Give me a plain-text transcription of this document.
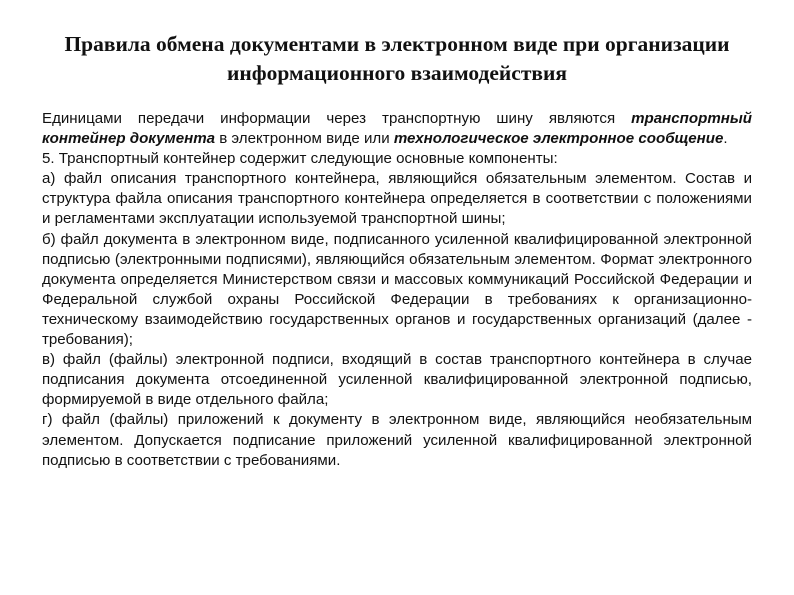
Правила обмена документами в электронном виде при организации информационного взаимодействия

Единицами передачи информации через транспортную шину являются транспортный контейнер документа в электронном виде или технологическое электронное сообщение.

5. Транспортный контейнер содержит следующие основные компоненты:

а) файл описания транспортного контейнера, являющийся обязательным элементом. Состав и структура файла описания транспортного контейнера определяется в соответствии с положениями и регламентами эксплуатации используемой транспортной шины;

б) файл документа в электронном виде, подписанного усиленной квалифицированной электронной подписью (электронными подписями), являющийся обязательным элементом. Формат электронного документа определяется Министерством связи и массовых коммуникаций Российской Федерации и Федеральной службой охраны Российской Федерации в требованиях к организационно-техническому взаимодействию государственных органов и государственных организаций (далее - требования);

в) файл (файлы) электронной подписи, входящий в состав транспортного контейнера в случае подписания документа отсоединенной усиленной квалифицированной электронной подписью, формируемой в виде отдельного файла;

г) файл (файлы) приложений к документу в электронном виде, являющийся необязательным элементом. Допускается подписание приложений усиленной квалифицированной электронной подписью в соответствии с требованиями.
